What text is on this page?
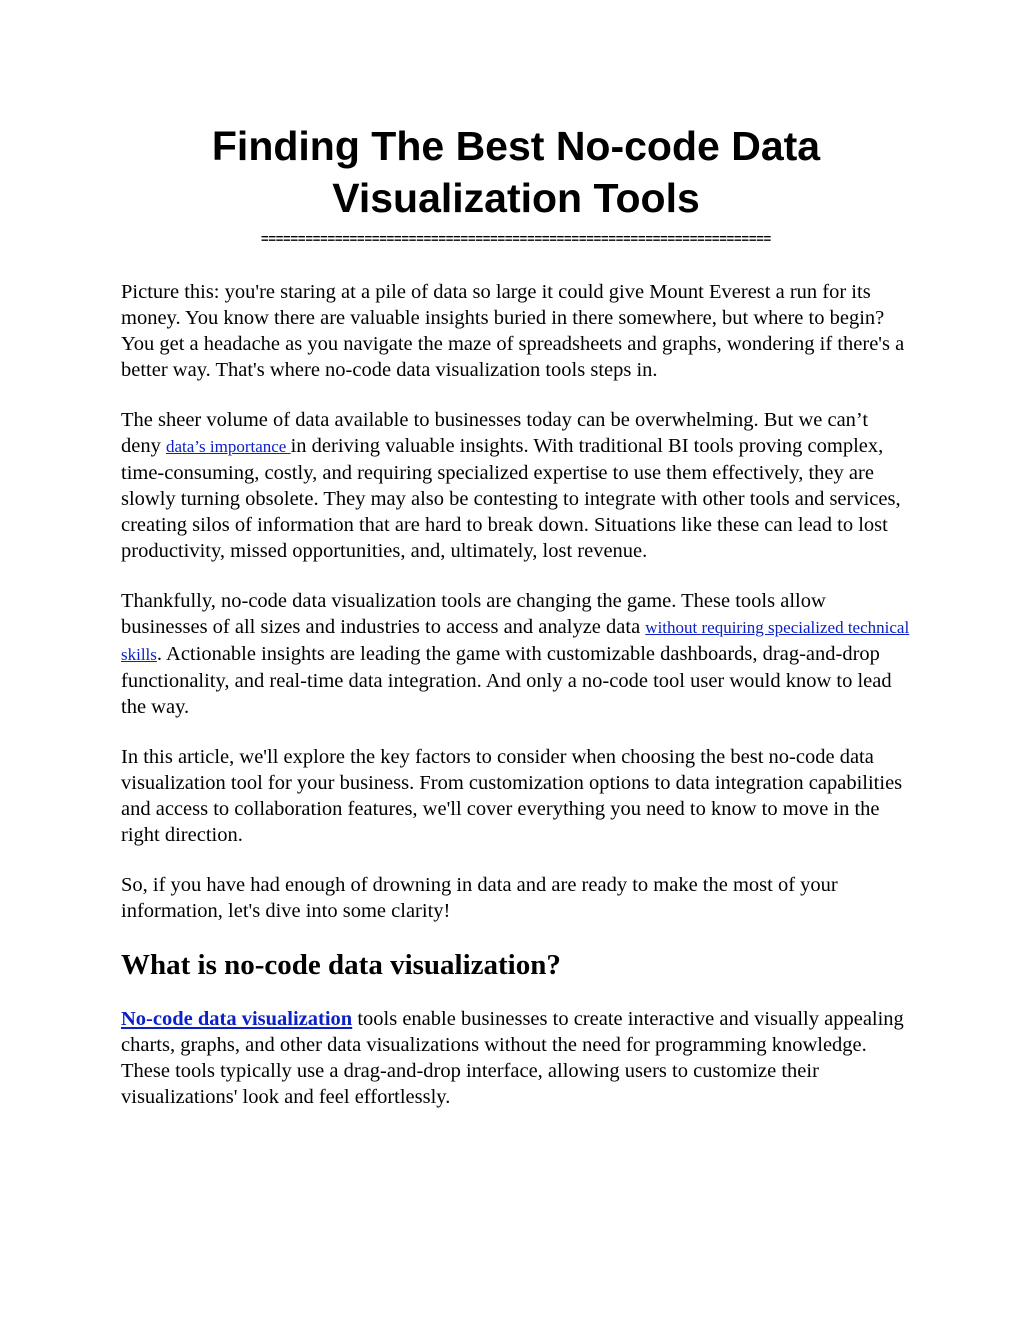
Finding The Best No-code Data Visualization Tools
=====================================================================

Picture this: you're staring at a pile of data so large it could give Mount Everest a run for its money. You know there are valuable insights buried in there somewhere, but where to begin? You get a headache as you navigate the maze of spreadsheets and graphs, wondering if there's a better way. That's where no-code data visualization tools steps in.

The sheer volume of data available to businesses today can be overwhelming. But we can’t deny data’s importance in deriving valuable insights. With traditional BI tools proving complex, time-consuming, costly, and requiring specialized expertise to use them effectively, they are slowly turning obsolete. They may also be contesting to integrate with other tools and services, creating silos of information that are hard to break down. Situations like these can lead to lost productivity, missed opportunities, and, ultimately, lost revenue.

Thankfully, no-code data visualization tools are changing the game. These tools allow businesses of all sizes and industries to access and analyze data without requiring specialized technical skills. Actionable insights are leading the game with customizable dashboards, drag-and-drop functionality, and real-time data integration. And only a no-code tool user would know to lead the way.

In this article, we'll explore the key factors to consider when choosing the best no-code data visualization tool for your business. From customization options to data integration capabilities and access to collaboration features, we'll cover everything you need to know to move in the right direction.

So, if you have had enough of drowning in data and are ready to make the most of your information, let's dive into some clarity!

What is no-code data visualization?

No-code data visualization tools enable businesses to create interactive and visually appealing charts, graphs, and other data visualizations without the need for programming knowledge. These tools typically use a drag-and-drop interface, allowing users to customize their visualizations' look and feel effortlessly.
